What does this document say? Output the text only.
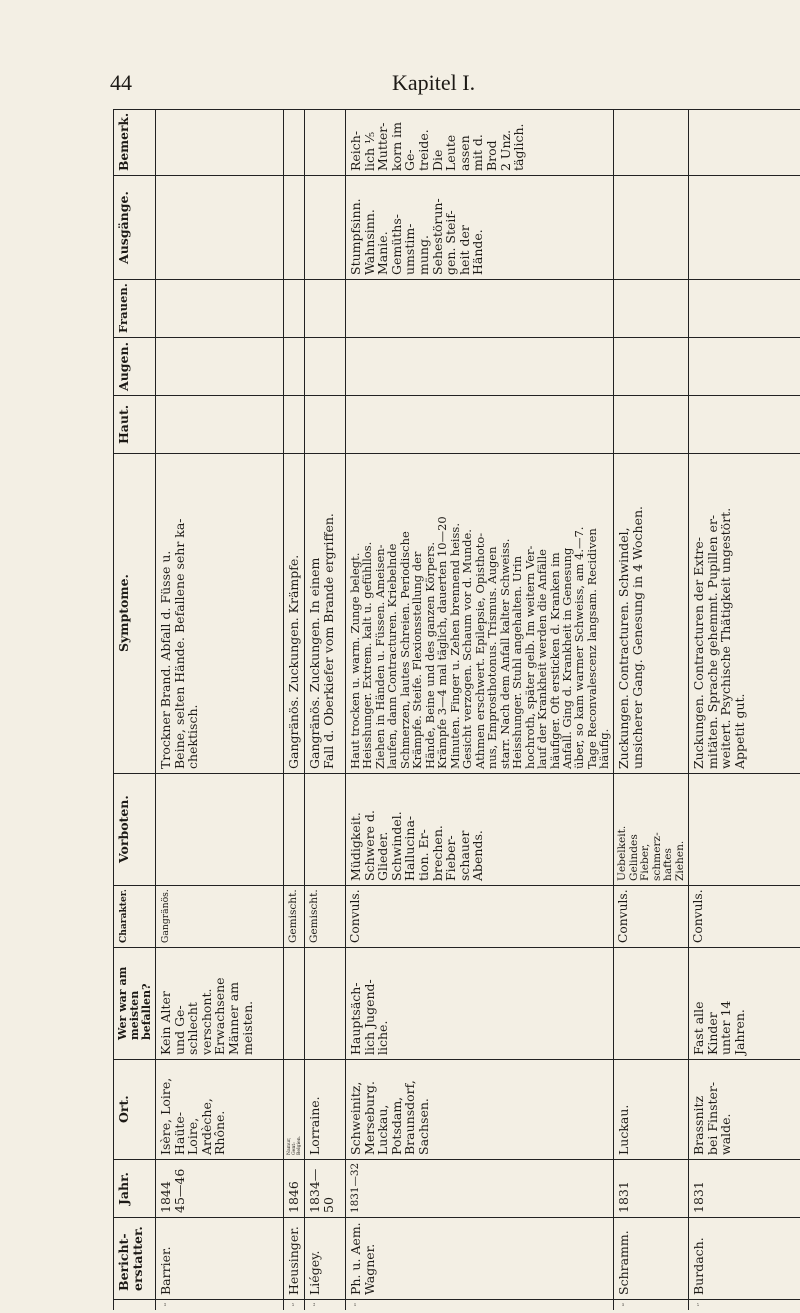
44	Kapitel I.
Bemerk.
Ausgänge.
Frauen.
Augen.
Haut.
Symptome.
Vorboten.
Charakter.
Wer war am
meisten
befallen?
Ort.
Jahr.
Bericht-
erstatter.
Trockner Brand. Abfall d. Füsse u.
Beine, selten Hände. Befallene sehr ka-
chektisch.
Gangränös.
Kein Alter
und Ge-
schlecht
verschont.
Erwachsene
Männer am
meisten.
Isère, Loire,
Haüte-
Loire,
Ardèche,
Rhône.
1844
45—46
Barrier.
42
Gangränös. Zuckungen. Krämpfe.
Gemischt.
Namur,
Gent:
Belgien.
1846
Heusinger.
43
Gangränös. Zuckungen. In einem
Fall d. Oberkiefer vom Brande ergriffen.
Gemischt.
Lorraine.
1834—
50
Liégey.
44
Reich-
lich ⅕
Mutter-
korn im
Ge-
treide.
Die
Leute
assen
mit d.
Brod
2 Unz.
täglich.
Stumpfsinn.
Wahnsinn.
Manie.
Gemüths-
umstim-
mung.
Sehestörun-
gen. Steif-
heit der
Hände.
Haut trocken u. warm. Zunge belegt.
Heisshunger. Extrem. kalt u. gefühllos.
Ziehen in Händen u. Füssen. Ameisen-
laufen, dann Contracturen. Kriebelnde
Schmerzen, lautes Schreien. Periodische
Krämpfe. Steife. Flexionsstellung der
Hände, Beine und des ganzen Körpers.
Krämpfe 3—4 mal täglich, dauerten 10—20
Minuten. Finger u. Zehen brennend heiss.
Gesicht verzogen. Schaum vor d. Munde.
Athmen erschwert. Epilepsie, Opisthoto-
nus, Emprosthotonus. Trismus. Augen
starr. Nach dem Anfall kalter Schweiss.
Heisshunger. Stuhl angehalten. Urin
hochroth, später gelb. Im weitern Ver-
lauf der Krankheit werden die Anfälle
häufiger. Oft ersticken d. Kranken im
Anfall. Ging d. Krankheit in Genesung
über, so kam warmer Schweiss, am 4.—7.
Tage Reconvalescenz langsam. Recidiven
häufig.
Müdigkeit.
Schwere d.
Glieder.
Schwindel.
Hallucina-
tion. Er-
brechen.
Fieber-
schauer
Abends.
Convuls.
Hauptsäch-
lich Jugend-
liche.
Schweinitz,
Merseburg.
Luckau,
Potsdam,
Braunsdorf,
Sachsen.
1831—32
Ph. u. Aem.
Wagner.
45
Zuckungen. Contracturen. Schwindel,
unsicherer Gang. Genesung in 4 Wochen.
Uebelkeit.
Gelindes
Fieber,
schmerz-
haftes
Ziehen.
Convuls.
Luckau.
1831
Schramm.
46
Zuckungen. Contracturen der Extre-
mitäten. Sprache gehemmt. Pupillen er-
weitert. Psychische Thätigkeit ungestört.
Appetit gut.
Convuls.
Fast alle
Kinder
unter 14
Jahren.
Brassnitz
bei Finster-
walde.
1831
Burdach.
47
